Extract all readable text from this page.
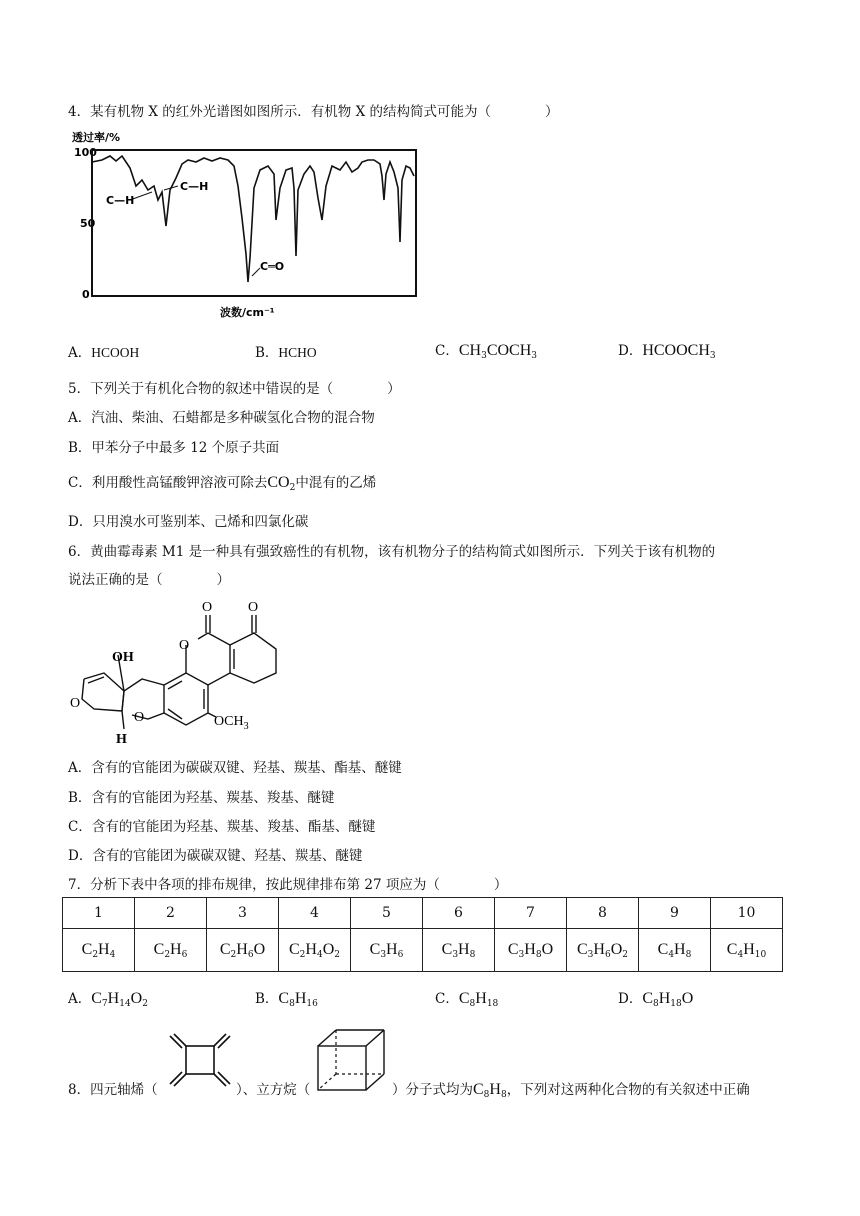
4．某有机物 X 的红外光谱图如图所示．有机物 X 的结构简式可能为（　　　　）
透过率/%
100
50
0
C—H
C—H
C═O
波数/cm⁻¹
A．HCOOH	B．HCHO	C．$CH_3COCH_3$	D．$HCOOCH_3$
5．下列关于有机化合物的叙述中错误的是（　　　　）
A．汽油、柴油、石蜡都是多种碳氢化合物的混合物
B．甲苯分子中最多 12 个原子共面
C．利用酸性高锰酸钾溶液可除去$CO_2$中混有的乙烯
D．只用溴水可鉴别苯、己烯和四氯化碳
6．黄曲霉毒素 M1 是一种具有强致癌性的有机物，该有机物分子的结构简式如图所示．下列关于该有机物的
说法正确的是（　　　　）
O	O
O
OH
O
O
H
$OCH_3$
A．含有的官能团为碳碳双键、羟基、羰基、酯基、醚键
B．含有的官能团为羟基、羰基、羧基、醚键
C．含有的官能团为羟基、羰基、羧基、酯基、醚键
D．含有的官能团为碳碳双键、羟基、羰基、醚键
7．分析下表中各项的排布规律，按此规律排布第 27 项应为（　　　　）
1	2	3	4	5	6	7	8	9	10
$C_2H_4$	$C_2H_6$	$C_2H_6O$	$C_2H_4O_2$	$C_3H_6$	$C_3H_8$	$C_3H_8O$	$C_3H_6O_2$	$C_4H_8$	$C_4H_{10}$
A．$C_7H_{14}O_2$	B．$C_8H_{16}$	C．$C_8H_{18}$	D．$C_8H_{18}O$
8．四元轴烯（	）、立方烷（	）分子式均为$C_8H_8$，下列对这两种化合物的有关叙述中正确
